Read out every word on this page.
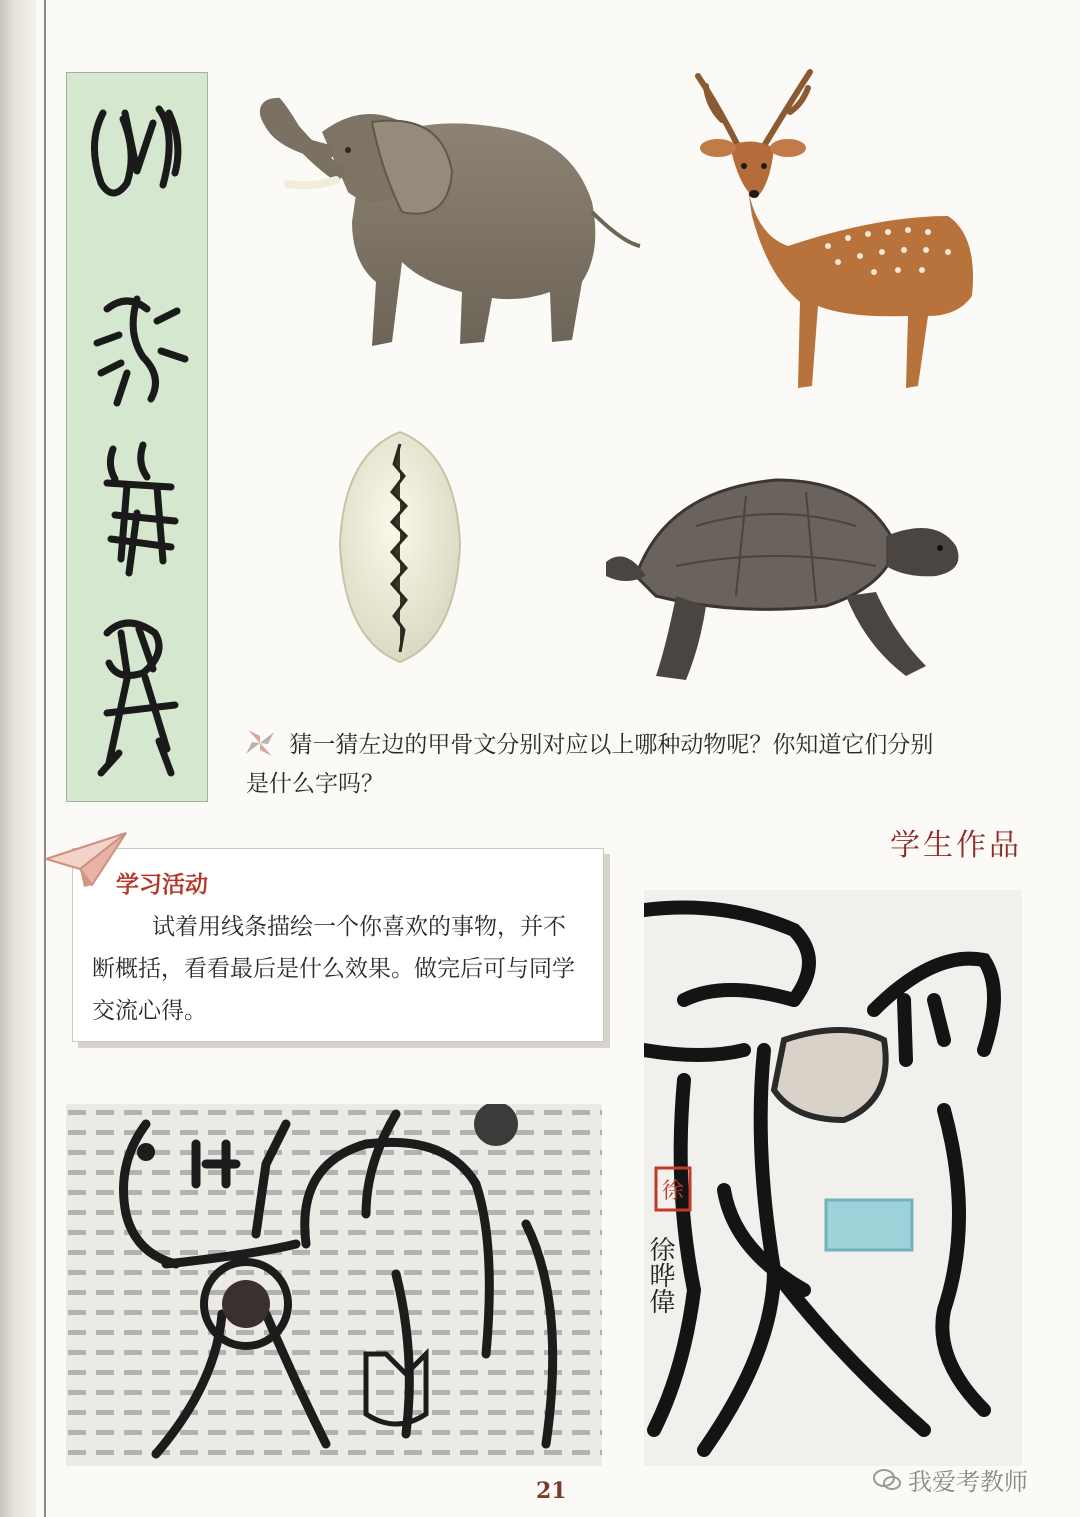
猜一猜左边的甲骨文分别对应以上哪种动物呢？你知道它们分别
是什么字吗？
学生作品
学习活动
试着用线条描绘一个你喜欢的事物，并不断概括，看看最后是什么效果。做完后可与同学交流心得。
徐
徐晔偉
21	我爱考教师
